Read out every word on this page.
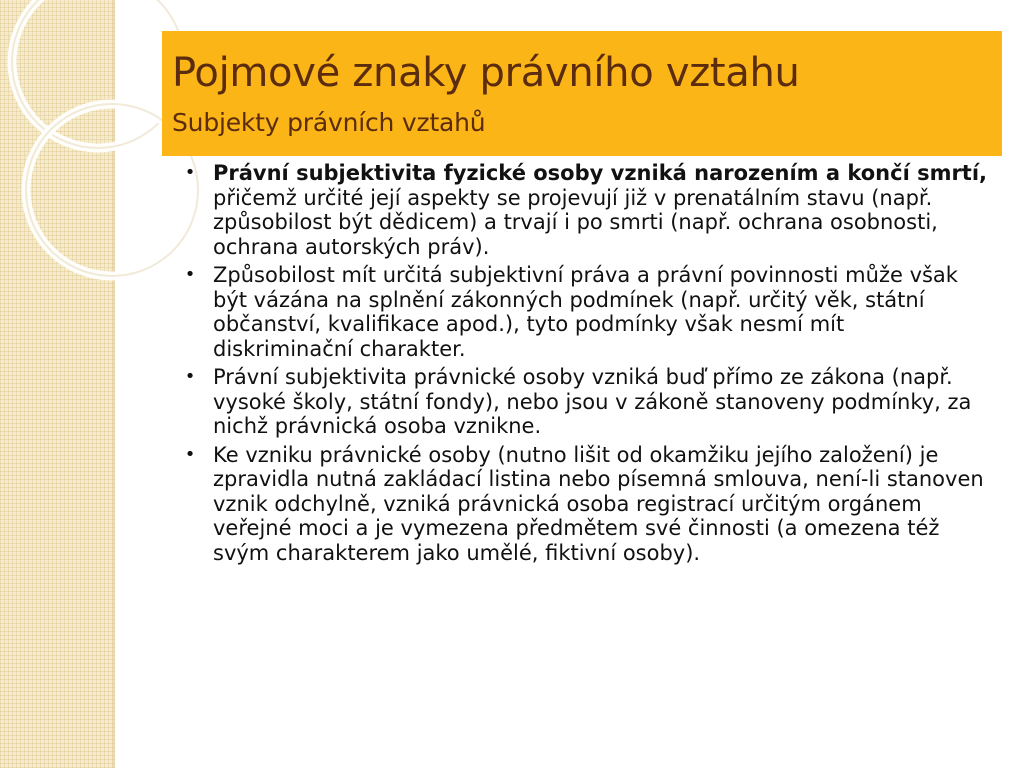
Pojmové znaky právního vztahu
Subjekty právních vztahů
• Právní subjektivita fyzické osoby vzniká narozením a končí smrtí, přičemž určité její aspekty se projevují již v prenatálním stavu (např. způsobilost být dědicem) a trvají i po smrti (např. ochrana osobnosti, ochrana autorských práv).
• Způsobilost mít určitá subjektivní práva a právní povinnosti může však být vázána na splnění zákonných podmínek (např. určitý věk, státní občanství, kvalifikace apod.), tyto podmínky však nesmí mít diskriminační charakter.
• Právní subjektivita právnické osoby vzniká buď přímo ze zákona (např. vysoké školy, státní fondy), nebo jsou v zákoně stanoveny podmínky, za nichž právnická osoba vznikne.
• Ke vzniku právnické osoby (nutno lišit od okamžiku jejího založení) je zpravidla nutná zakládací listina nebo písemná smlouva, není-li stanoven vznik odchylně, vzniká právnická osoba registrací určitým orgánem veřejné moci a je vymezena předmětem své činnosti (a omezena též svým charakterem jako umělé, fiktivní osoby).
